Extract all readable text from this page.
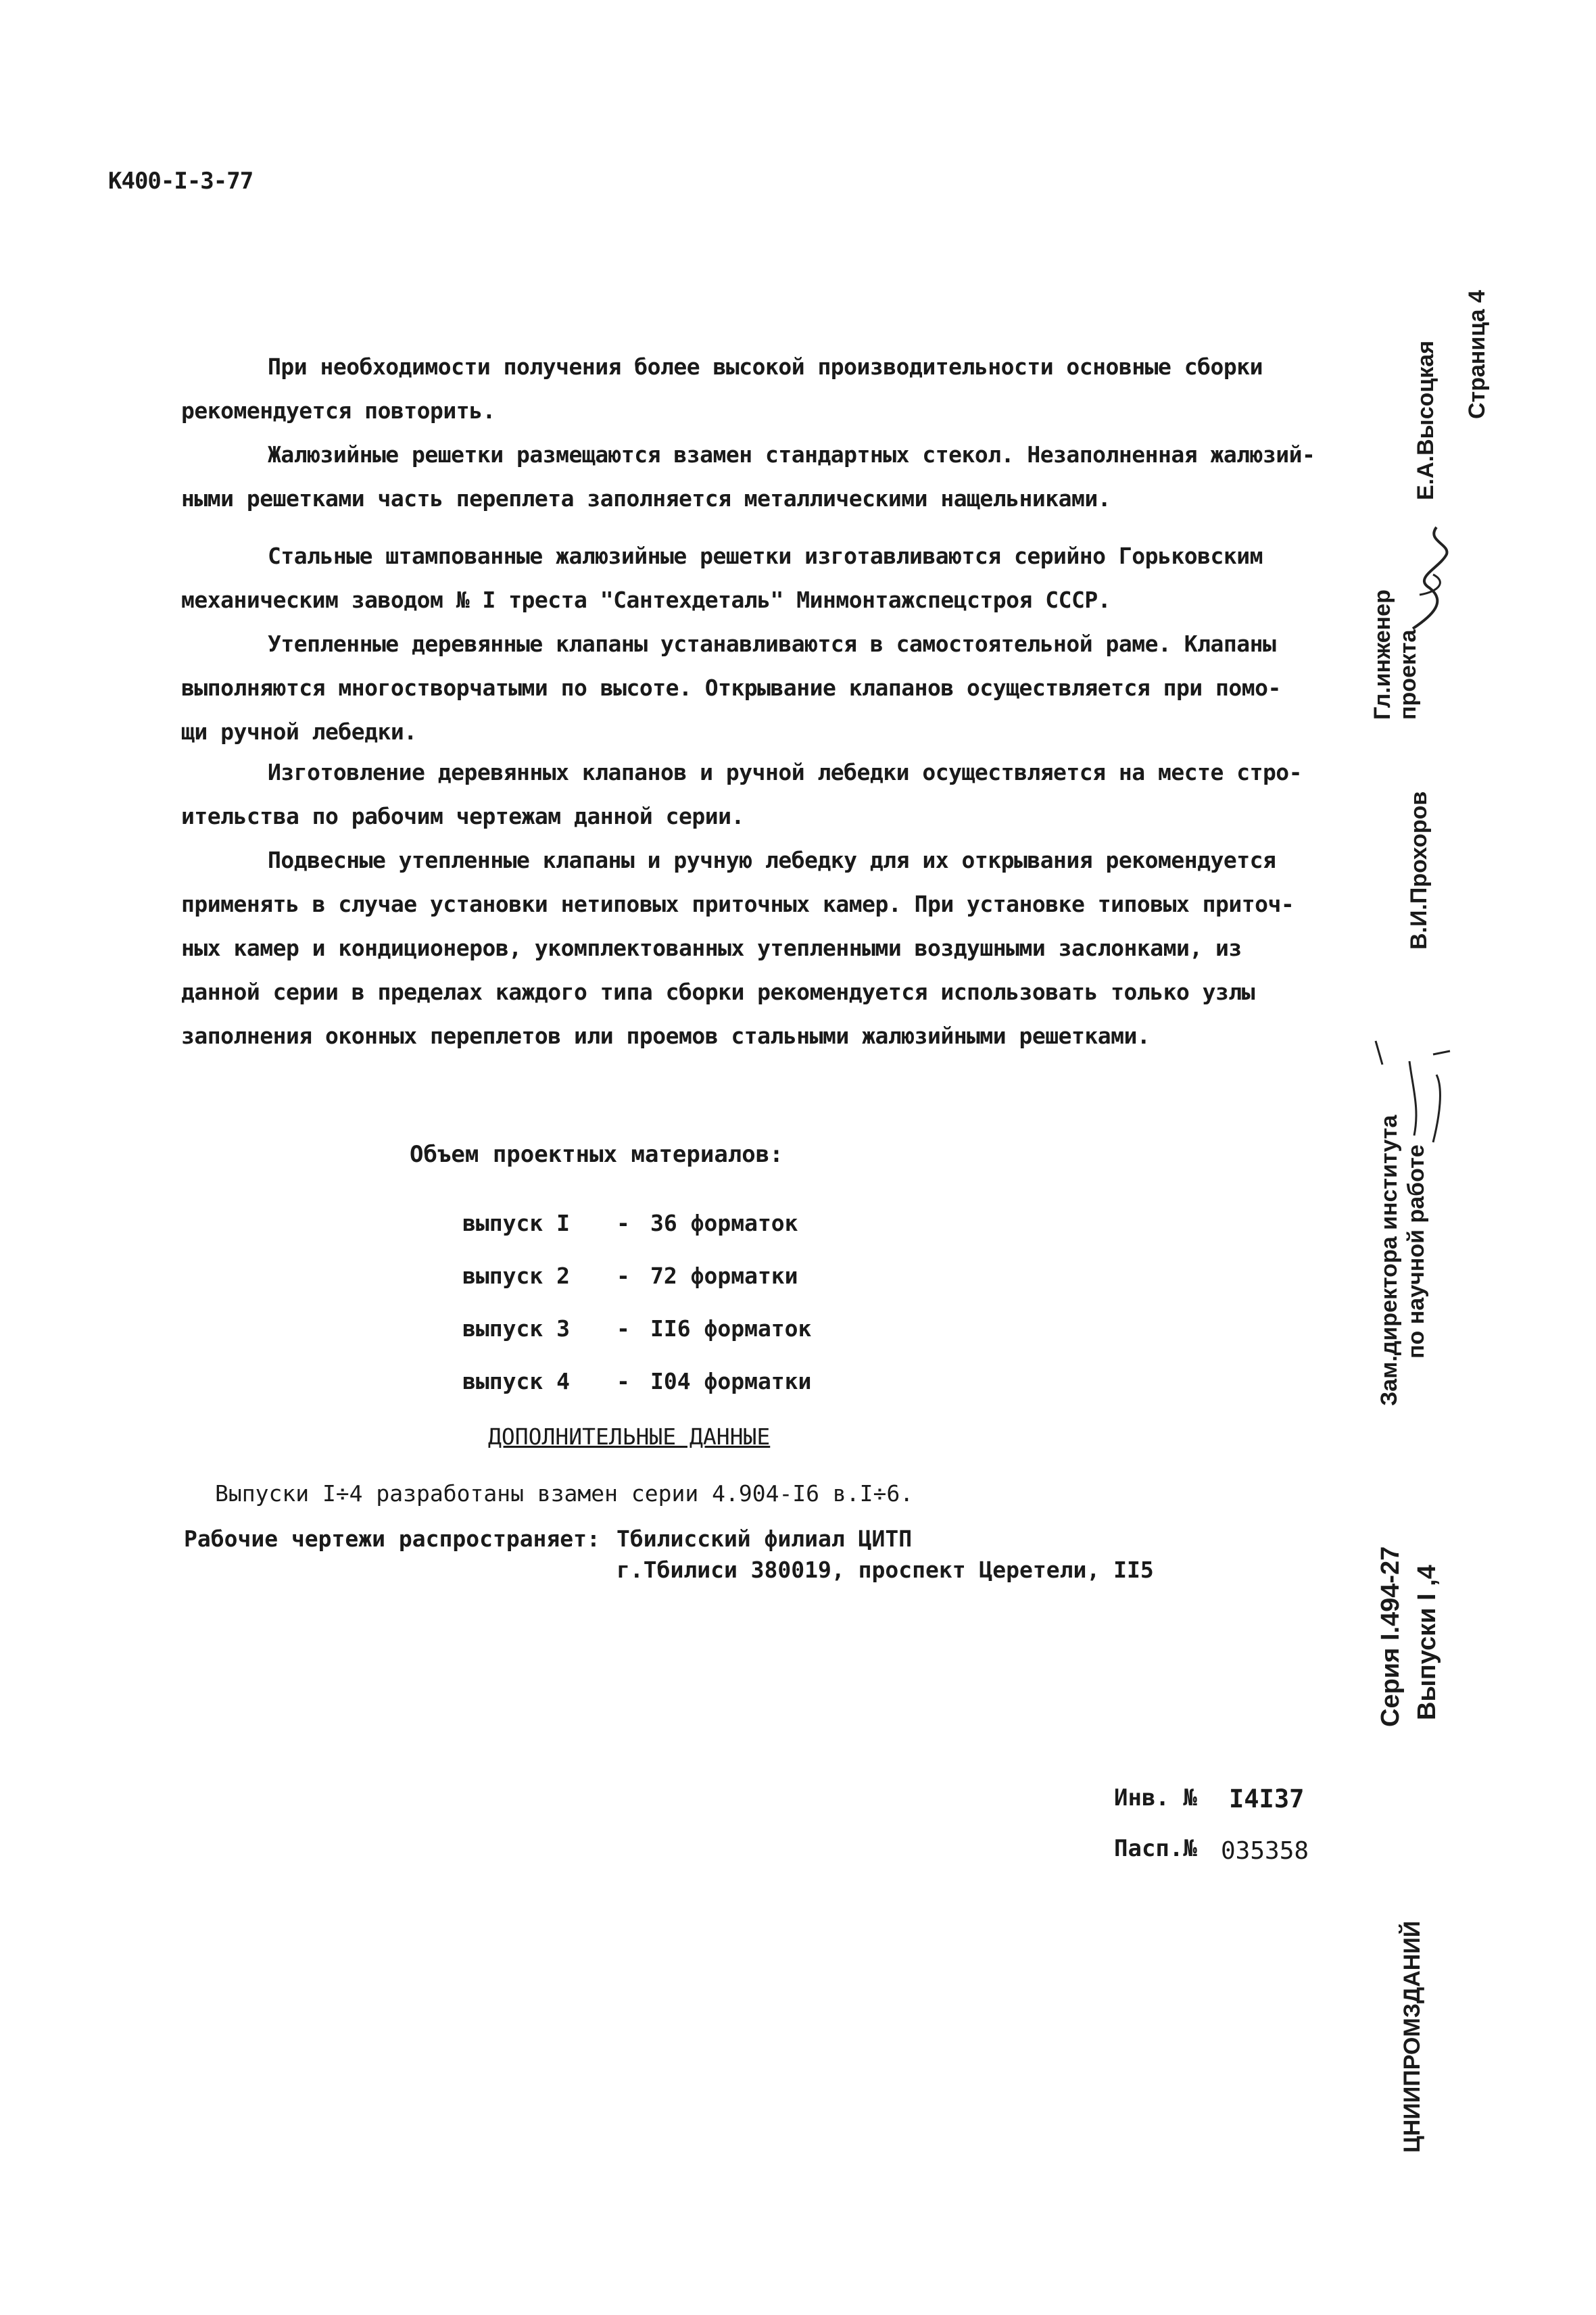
К400-I-3-77
При необходимости получения более высокой производительности основные сборки
рекомендуется повторить.
Жалюзийные решетки размещаются взамен стандартных стекол. Незаполненная жалюзий-
ными решетками часть переплета заполняется металлическими нащельниками.
Стальные штампованные жалюзийные решетки изготавливаются серийно Горьковским
механическим заводом № I треста "Сантехдеталь" Минмонтажспецстроя СССР.
Утепленные деревянные клапаны устанавливаются в самостоятельной раме. Клапаны
выполняются многостворчатыми по высоте. Открывание клапанов осуществляется при помо-
щи ручной лебедки.
Изготовление деревянных клапанов и ручной лебедки осуществляется на месте стро-
ительства по рабочим чертежам данной серии.
Подвесные утепленные клапаны и ручную лебедку для их открывания рекомендуется
применять в случае установки нетиповых приточных камер. При установке типовых приточ-
ных камер и кондиционеров, укомплектованных утепленными воздушными заслонками, из
данной серии в пределах каждого типа сборки рекомендуется использовать только узлы
заполнения оконных переплетов или проемов стальными жалюзийными решетками.
Объем проектных материалов:
выпуск I - 36 форматок
выпуск 2 - 72 форматки
выпуск 3 - II6 форматок
выпуск 4 - I04 форматки
ДОПОЛНИТЕЛЬНЫЕ ДАННЫЕ
Выпуски I÷4 разработаны взамен серии 4.904-I6 в.I÷6.
Рабочие чертежи распространяет: Тбилисский филиал ЦИТП
г.Тбилиси 380019, проспект Церетели, II5
Инв. № I4I37
Пасп.№ 035358
Страница 4
Е.А.Высоцкая
Гл.инженер проекта
В.И.Прохоров
Зам.директора института по научной работе
Серия I.494-27 Выпуски I ,4
ЦНИИПРОМЗДАНИЙ
